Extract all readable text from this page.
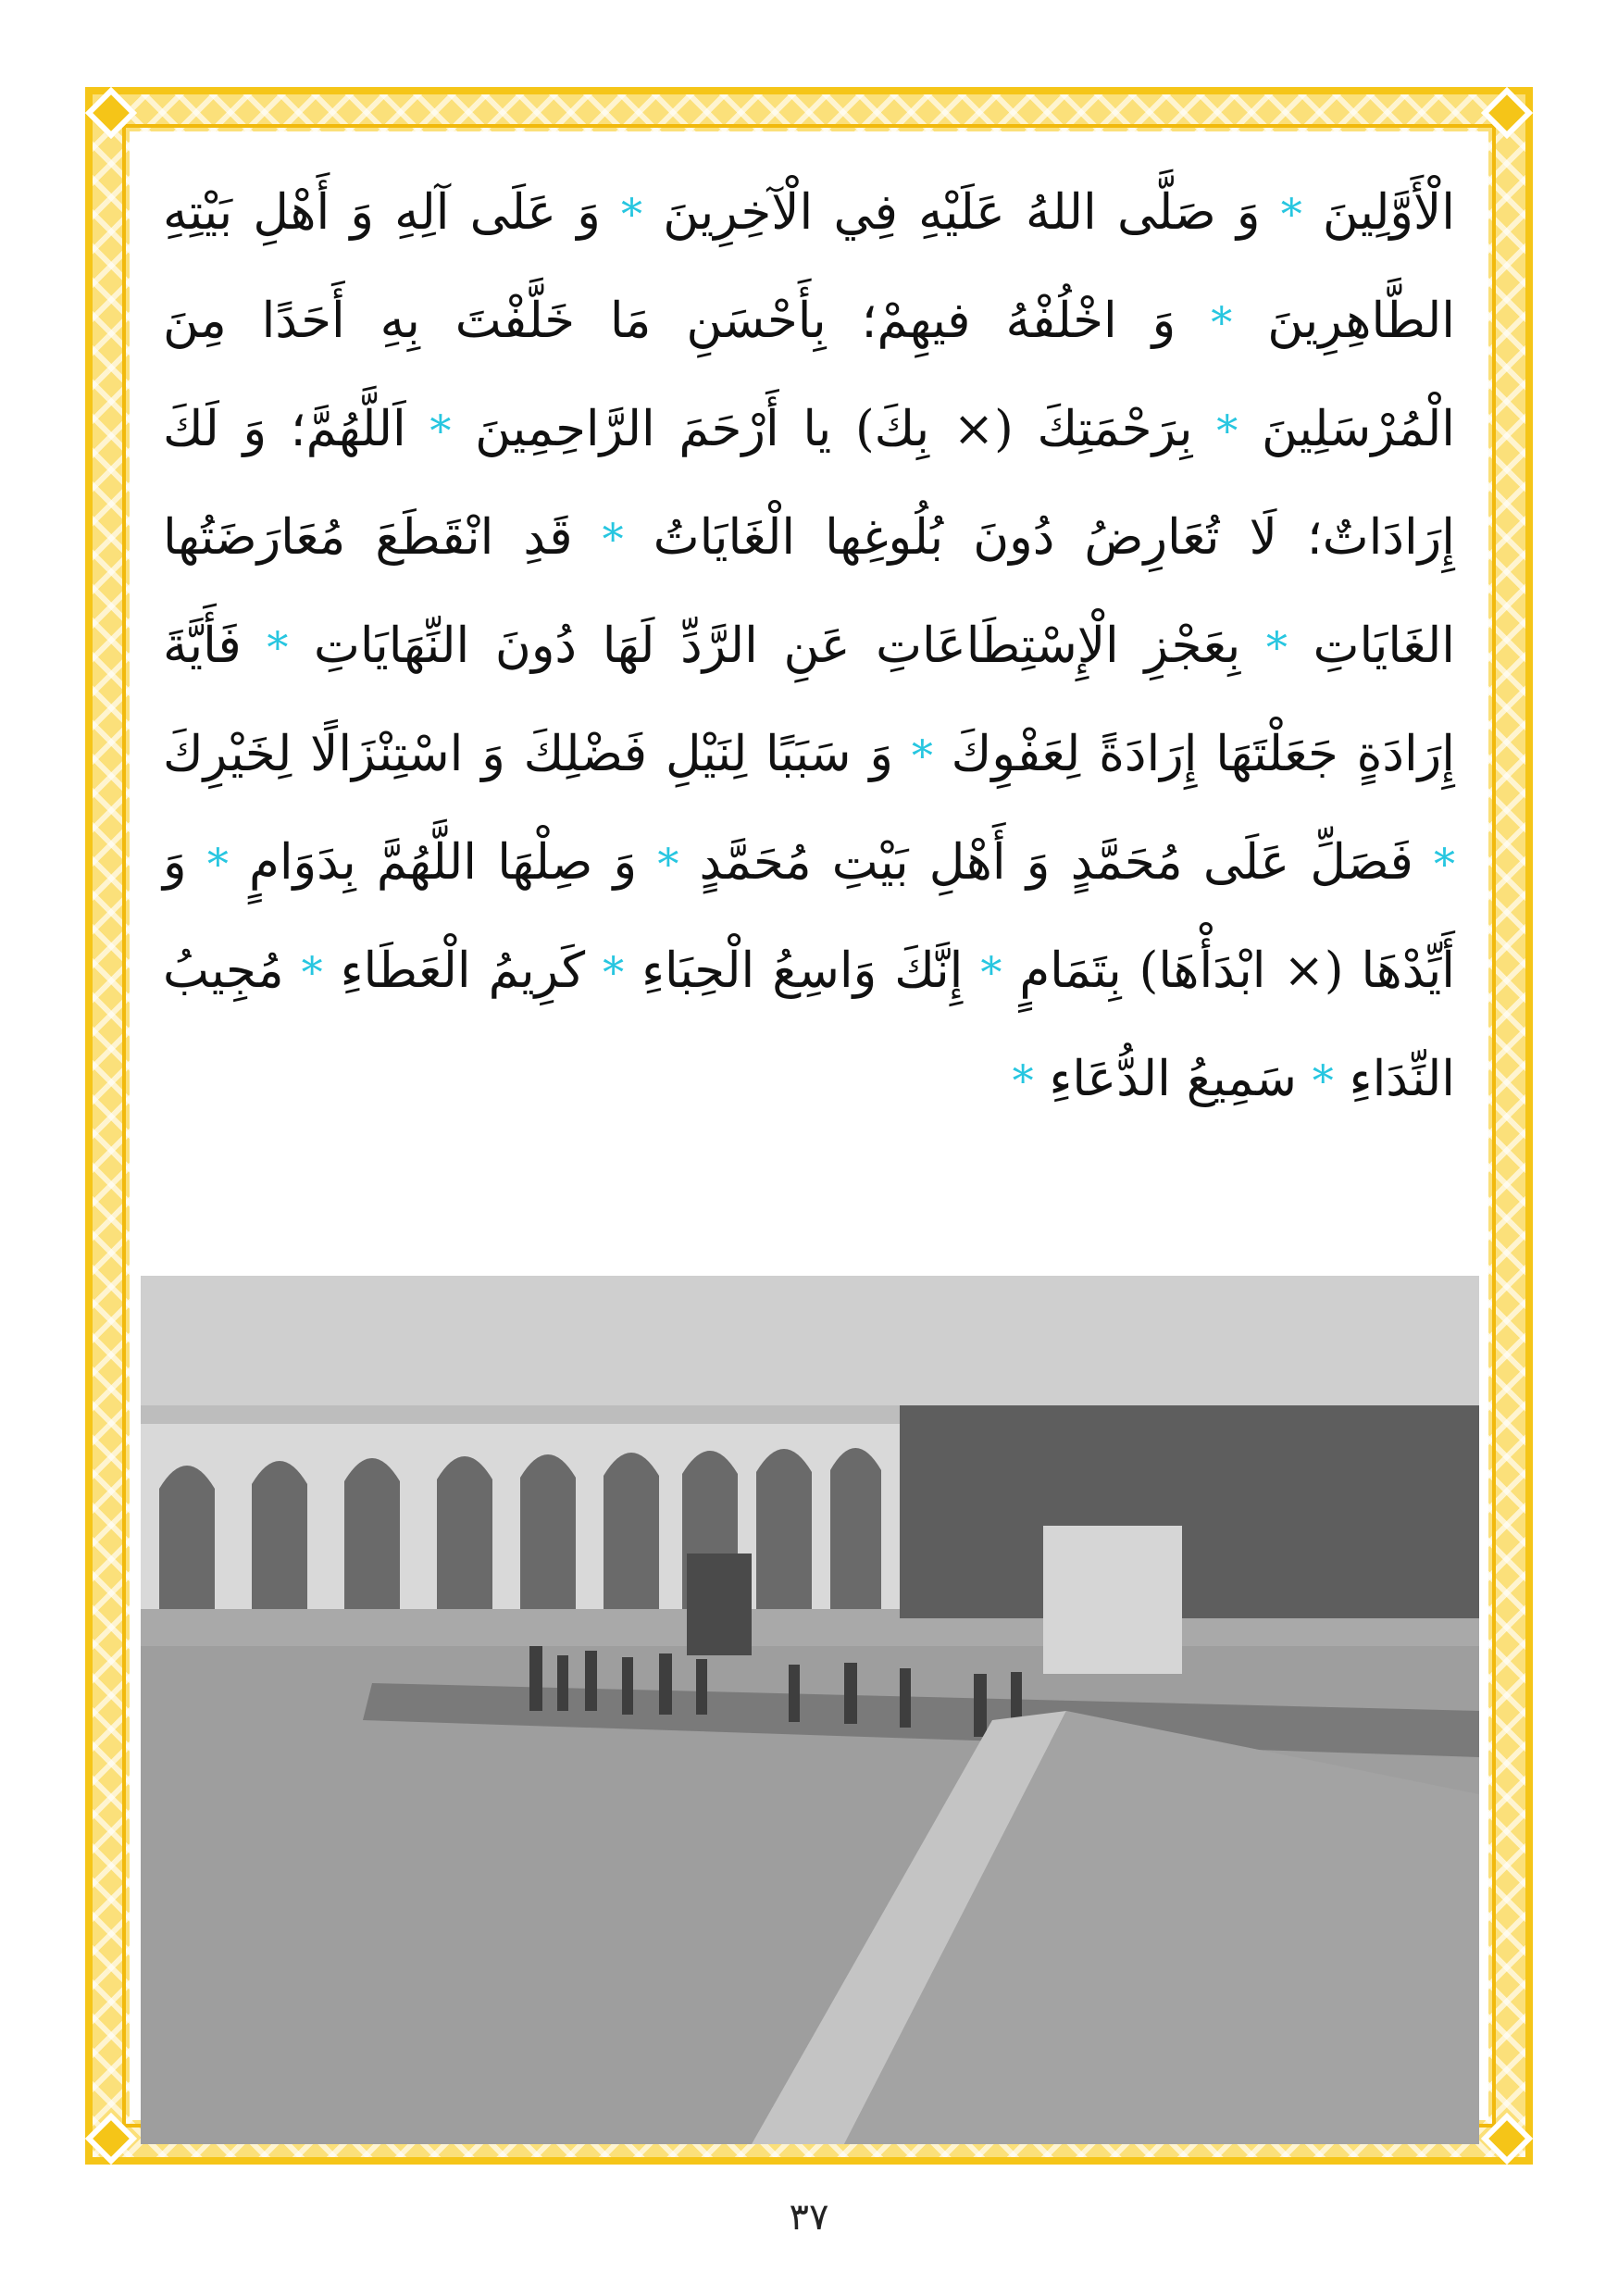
الْأَوَّلِينَ * وَ صَلَّى اللهُ عَلَيْهِ فِي الْآخِرِينَ * وَ عَلَى آلِهِ وَ أَهْلِ بَيْتِهِ الطَّاهِرِينَ * وَ اخْلُفْهُ فيهِمْ؛ بِأَحْسَنِ مَا خَلَّفْتَ بِهِ أَحَدًا مِنَ الْمُرْسَلِينَ * بِرَحْمَتِكَ (× بِكَ) يا أَرْحَمَ الرَّاحِمِينَ * اَللَّهُمَّ؛ وَ لَكَ إِرَادَاتٌ؛ لَا تُعَارِضُ دُونَ بُلُوغِها الْغَايَاتُ * قَدِ انْقَطَعَ مُعَارَضَتُها الغَايَاتِ * بِعَجْزِ الْإِسْتِطَاعَاتِ عَنِ الرَّدِّ لَهَا دُونَ النِّهَايَاتِ * فَأَيَّةَ إِرَادَةٍ جَعَلْتَهَا إِرَادَةً لِعَفْوِكَ * وَ سَبَبًا لِنَيْلِ فَضْلِكَ وَ اسْتِنْزَالًا لِخَيْرِكَ * فَصَلِّ عَلَى مُحَمَّدٍ وَ أَهْلِ بَيْتِ مُحَمَّدٍ * وَ صِلْهَا اللَّهُمَّ بِدَوَامٍ * وَ أَيِّدْهَا (× ابْدَأْهَا) بِتَمَامٍ * إِنَّكَ وَاسِعُ الْحِبَاءِ * كَرِيمُ الْعَطَاءِ * مُجِيبُ النِّدَاءِ * سَمِيعُ الدُّعَاءِ *

٣٧
